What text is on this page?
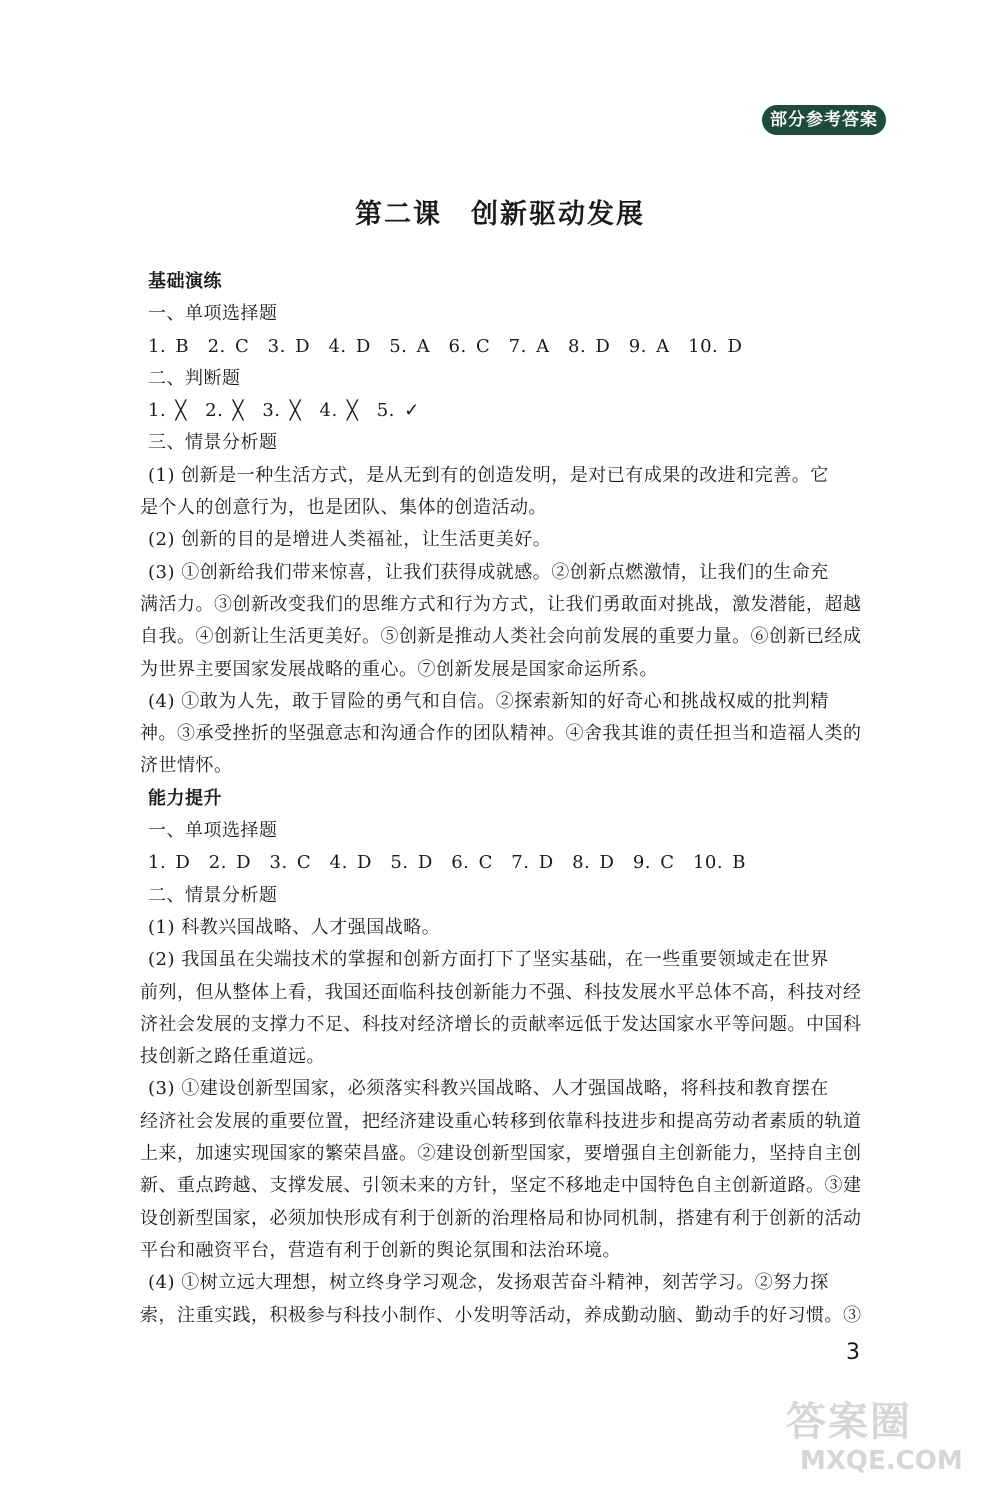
部分参考答案
第二课　创新驱动发展
基础演练
一、单项选择题
1. B  2. C  3. D  4. D  5. A  6. C  7. A  8. D  9. A  10. D
二、判断题
1. ╳  2. ╳  3. ╳  4. ╳  5. ✓
三、情景分析题
(1) 创新是一种生活方式，是从无到有的创造发明，是对已有成果的改进和完善。它
是个人的创意行为，也是团队、集体的创造活动。
(2) 创新的目的是增进人类福祉，让生活更美好。
(3) ①创新给我们带来惊喜，让我们获得成就感。②创新点燃激情，让我们的生命充
满活力。③创新改变我们的思维方式和行为方式，让我们勇敢面对挑战，激发潜能，超越
自我。④创新让生活更美好。⑤创新是推动人类社会向前发展的重要力量。⑥创新已经成
为世界主要国家发展战略的重心。⑦创新发展是国家命运所系。
(4) ①敢为人先，敢于冒险的勇气和自信。②探索新知的好奇心和挑战权威的批判精
神。③承受挫折的坚强意志和沟通合作的团队精神。④舍我其谁的责任担当和造福人类的
济世情怀。
能力提升
一、单项选择题
1. D  2. D  3. C  4. D  5. D  6. C  7. D  8. D  9. C  10. B
二、情景分析题
(1) 科教兴国战略、人才强国战略。
(2) 我国虽在尖端技术的掌握和创新方面打下了坚实基础，在一些重要领域走在世界
前列，但从整体上看，我国还面临科技创新能力不强、科技发展水平总体不高，科技对经
济社会发展的支撑力不足、科技对经济增长的贡献率远低于发达国家水平等问题。中国科
技创新之路任重道远。
(3) ①建设创新型国家，必须落实科教兴国战略、人才强国战略，将科技和教育摆在
经济社会发展的重要位置，把经济建设重心转移到依靠科技进步和提高劳动者素质的轨道
上来，加速实现国家的繁荣昌盛。②建设创新型国家，要增强自主创新能力，坚持自主创
新、重点跨越、支撑发展、引领未来的方针，坚定不移地走中国特色自主创新道路。③建
设创新型国家，必须加快形成有利于创新的治理格局和协同机制，搭建有利于创新的活动
平台和融资平台，营造有利于创新的舆论氛围和法治环境。
(4) ①树立远大理想，树立终身学习观念，发扬艰苦奋斗精神，刻苦学习。②努力探
索，注重实践，积极参与科技小制作、小发明等活动，养成勤动脑、勤动手的好习惯。③
3
答案圈
MXQE.COM
